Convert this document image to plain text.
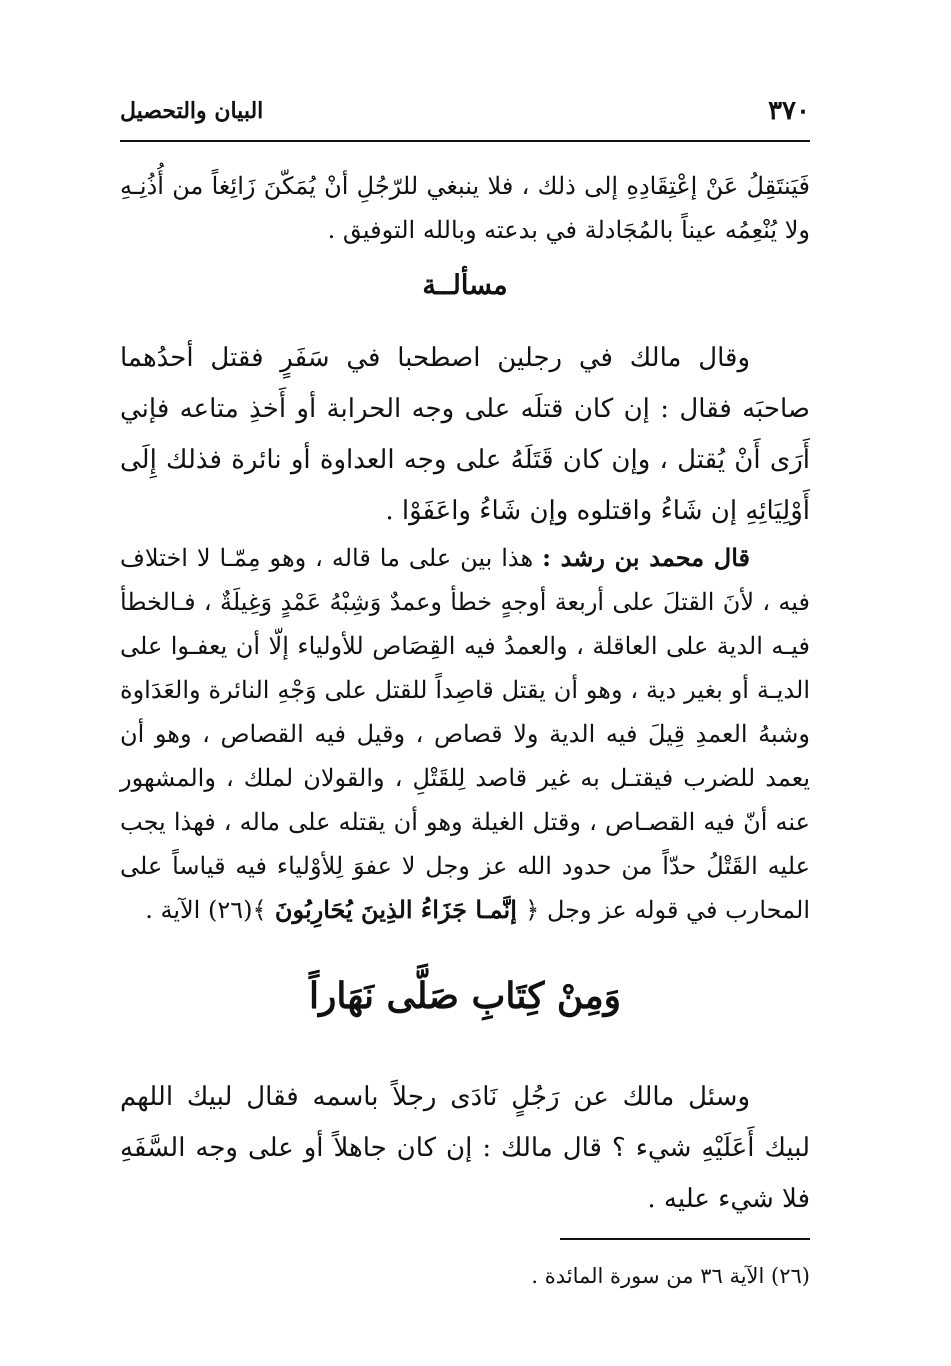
٣٧٠
البيان والتحصيل
فَيَنتَقِلُ عَنْ إعْتِقَادِهِ إلى ذلك ، فلا ينبغي للرّجُلِ أنْ يُمَكّنَ زَائِغاً من أُذُنِـهِ ولا يُنْعِمُه عيناً بالمُجَادلة في بدعته وبالله التوفيق .
مسألــة
وقال مالك في رجلين اصطحبا في سَفَرٍ فقتل أحدُهما صاحبَه فقال : إن كان قتلَه على وجه الحرابة أو أَخذِ متاعه فإني أَرَى أَنْ يُقتل ، وإن كان قَتَلَهُ على وجه العداوة أو نائرة فذلك إِلَى أَوْلِيَائِهِ إن شَاءُ واقتلوه وإن شَاءُ واعَفَوْا .
قال محمد بن رشد : هذا بين على ما قاله ، وهو مِمّـا لا اختلاف فيه ، لأنَ القتلَ على أربعة أوجهٍ خطأ وعمدٌ وَشِبْهُ عَمْدٍ وَغِيلَةٌ ، فـالخطأ فيـه الدية على العاقلة ، والعمدُ فيه القِصَاص للأولياء إلّا أن يعفـوا على الديـة أو بغير دية ، وهو أن يقتل قاصِداً للقتل على وَجْهِ النائرة والعَدَاوة وشبهُ العمدِ قِيلَ فيه الدية ولا قصاص ، وقيل فيه القصاص ، وهو أن يعمد للضرب فيقتـل به غير قاصد لِلقَتْلِ ، والقولان لملك ، والمشهور عنه أنّ فيه القصـاص ، وقتل الغيلة وهو أن يقتله على ماله ، فهذا يجب عليه القَتْلُ حدّاً من حدود الله عز وجل لا عفوَ لِلأوْلياء فيه قياساً على المحارب في قوله عز وجل ﴿ إنَّمـا جَزَاءُ الذِينَ يُحَارِبُونَ ﴾(٢٦) الآية .
وَمِنْ كِتَابِ صَلَّى نَهَاراً
وسئل مالك عن رَجُلٍ نَادَى رجلاً باسمه فقال لبيك اللهم لبيك أَعَلَيْهِ شيء ؟ قال مالك : إن كان جاهلاً أو على وجه السَّفَهِ فلا شيء عليه .
(٢٦) الآية ٣٦ من سورة المائدة .
